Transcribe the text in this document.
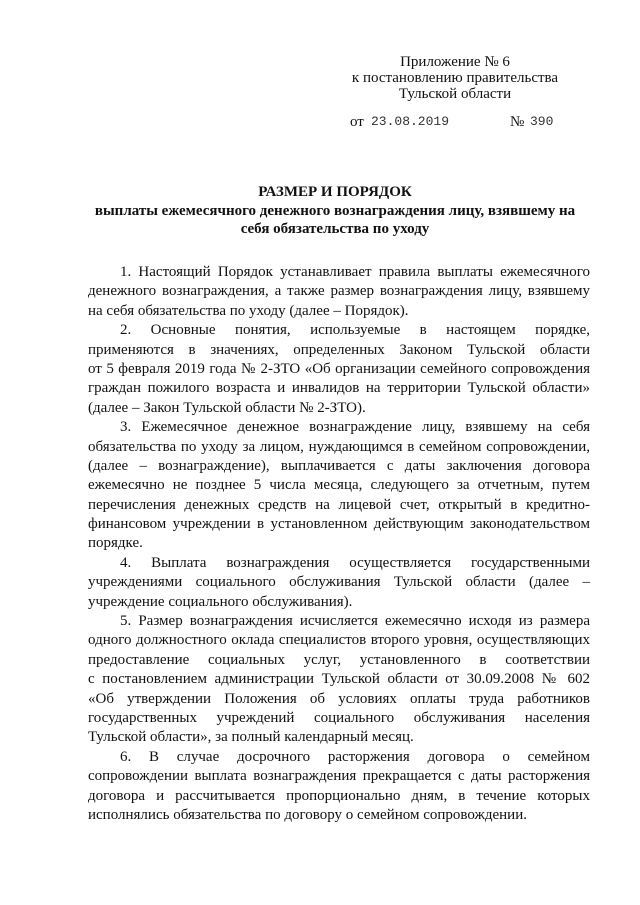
Приложение № 6
к постановлению правительства
Тульской области
от 23.08.2019	№ 390
РАЗМЕР И ПОРЯДОК
выплаты ежемесячного денежного вознаграждения лицу, взявшему на
себя обязательства по уходу
1. Настоящий Порядок устанавливает правила выплаты ежемесячного
денежного вознаграждения, а также размер вознаграждения лицу, взявшему
на себя обязательства по уходу (далее – Порядок).
2. Основные понятия, используемые в настоящем порядке,
применяются в значениях, определенных Законом Тульской области
от 5 февраля 2019 года № 2-ЗТО «Об организации семейного сопровождения
граждан пожилого возраста и инвалидов на территории Тульской области»
(далее – Закон Тульской области № 2-ЗТО).
3. Ежемесячное денежное вознаграждение лицу, взявшему на себя
обязательства по уходу за лицом, нуждающимся в семейном сопровождении,
(далее – вознаграждение), выплачивается с даты заключения договора
ежемесячно не позднее 5 числа месяца, следующего за отчетным, путем
перечисления денежных средств на лицевой счет, открытый в кредитно-
финансовом учреждении в установленном действующим законодательством
порядке.
4. Выплата вознаграждения осуществляется государственными
учреждениями социального обслуживания Тульской области (далее –
учреждение социального обслуживания).
5. Размер вознаграждения исчисляется ежемесячно исходя из размера
одного должностного оклада специалистов второго уровня, осуществляющих
предоставление социальных услуг, установленного в соответствии
с постановлением администрации Тульской области от 30.09.2008 № 602
«Об утверждении Положения об условиях оплаты труда работников
государственных учреждений социального обслуживания населения
Тульской области», за полный календарный месяц.
6. В случае досрочного расторжения договора о семейном
сопровождении выплата вознаграждения прекращается с даты расторжения
договора и рассчитывается пропорционально дням, в течение которых
исполнялись обязательства по договору о семейном сопровождении.
